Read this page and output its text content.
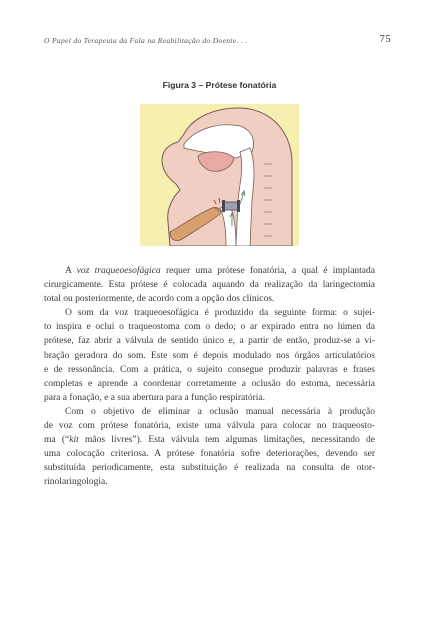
O Papel do Terapeuta da Fala na Reabilitação do Doente. . .	75
Figura 3 – Prótese fonatória

A voz traqueoesofágica requer uma prótese fonatória, a qual é implantada
cirurgicamente. Esta prótese é colocada aquando da realização da laringectomia
total ou posteriormente, de acordo com a opção dos clínicos.

O som da voz traqueoesofágica é produzido da seguinte forma: o sujei-
to inspira e oclui o traqueostoma com o dedo; o ar expirado entra no lúmen da
prótese, faz abrir a válvula de sentido único e, a partir de então, produz-se a vi-
bração geradora do som. Este som é depois modulado nos órgãos articulatórios
e de ressonância. Com a prática, o sujeito consegue produzir palavras e frases
completas e aprende a coordenar corretamente a oclusão do estoma, necessária
para a fonação, e a sua abertura para a função respiratória.

Com o objetivo de eliminar a oclusão manual necessária à produção
de voz com prótese fonatória, existe uma válvula para colocar no traqueosto-
ma (“kit mãos livres”). Esta válvula tem algumas limitações, necessitando de
uma colocação criteriosa. A prótese fonatória sofre deteriorações, devendo ser
substituída periodicamente, esta substituição é realizada na consulta de otor-
rinolaringologia.
